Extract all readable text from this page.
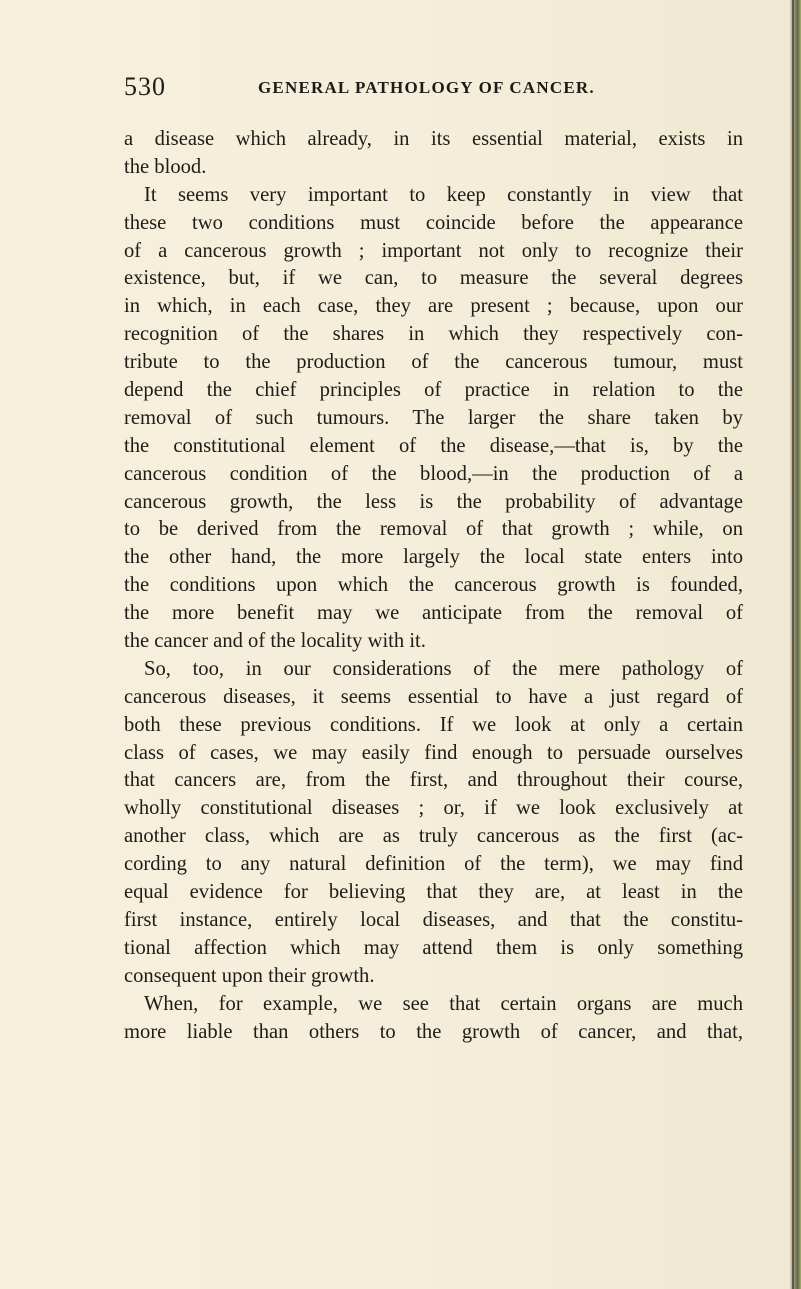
530	GENERAL PATHOLOGY OF CANCER.
a disease which already, in its essential material, exists in
the blood.
It seems very important to keep constantly in view that
these two conditions must coincide before the appearance
of a cancerous growth ; important not only to recognize their
existence, but, if we can, to measure the several degrees
in which, in each case, they are present ; because, upon our
recognition of the shares in which they respectively con-
tribute to the production of the cancerous tumour, must
depend the chief principles of practice in relation to the
removal of such tumours. The larger the share taken by
the constitutional element of the disease,—that is, by the
cancerous condition of the blood,—in the production of a
cancerous growth, the less is the probability of advantage
to be derived from the removal of that growth ; while, on
the other hand, the more largely the local state enters into
the conditions upon which the cancerous growth is founded,
the more benefit may we anticipate from the removal of
the cancer and of the locality with it.
So, too, in our considerations of the mere pathology of
cancerous diseases, it seems essential to have a just regard of
both these previous conditions. If we look at only a certain
class of cases, we may easily find enough to persuade ourselves
that cancers are, from the first, and throughout their course,
wholly constitutional diseases ; or, if we look exclusively at
another class, which are as truly cancerous as the first (ac-
cording to any natural definition of the term), we may find
equal evidence for believing that they are, at least in the
first instance, entirely local diseases, and that the constitu-
tional affection which may attend them is only something
consequent upon their growth.
When, for example, we see that certain organs are much
more liable than others to the growth of cancer, and that,
